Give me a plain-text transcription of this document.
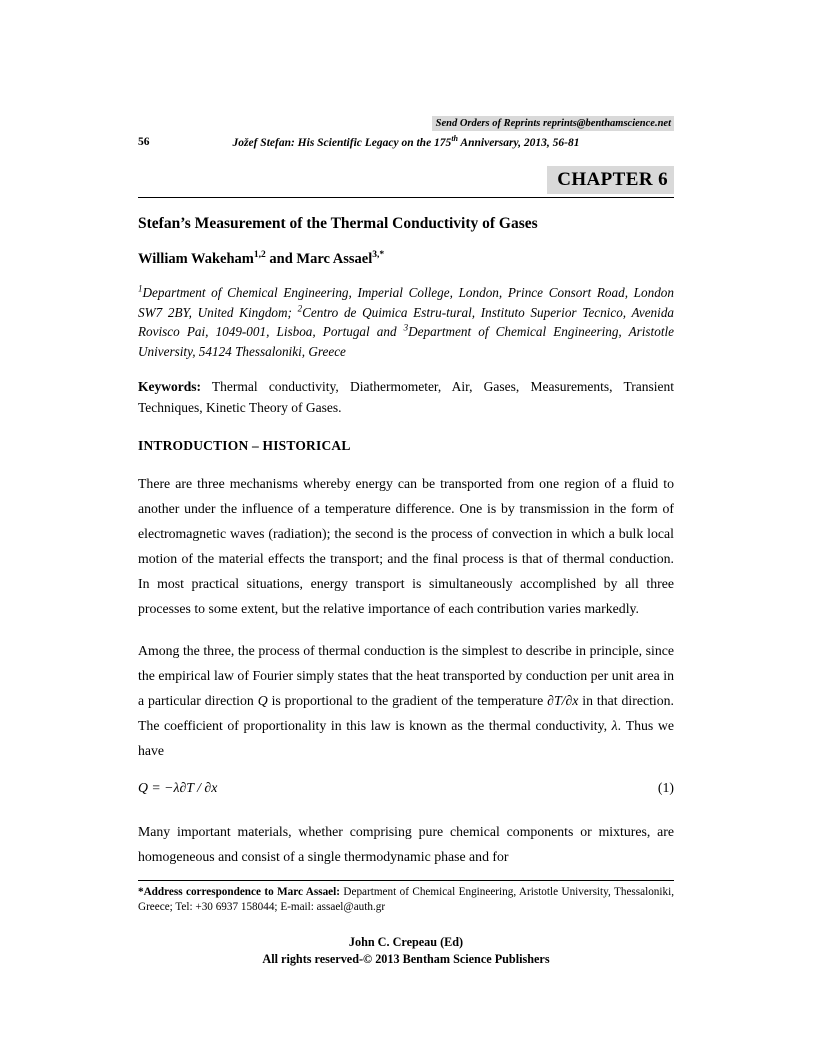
Send Orders of Reprints reprints@benthamscience.net
56	Jožef Stefan: His Scientific Legacy on the 175th Anniversary, 2013, 56-81
CHAPTER 6
Stefan’s Measurement of the Thermal Conductivity of Gases
William Wakeham$^{1,2}$ and Marc Assael$^{3,*}$
$^1$Department of Chemical Engineering, Imperial College, London, Prince Consort Road, London SW7 2BY, United Kingdom; $^2$Centro de Quimica Estru-tural, Instituto Superior Tecnico, Avenida Rovisco Pai, 1049-001, Lisboa, Portugal and $^3$Department of Chemical Engineering, Aristotle University, 54124 Thessaloniki, Greece
Keywords: Thermal conductivity, Diathermometer, Air, Gases, Measurements, Transient Techniques, Kinetic Theory of Gases.
INTRODUCTION – HISTORICAL

There are three mechanisms whereby energy can be transported from one region of a fluid to another under the influence of a temperature difference. One is by transmission in the form of electromagnetic waves (radiation); the second is the process of convection in which a bulk local motion of the material effects the transport; and the final process is that of thermal conduction. In most practical situations, energy transport is simultaneously accomplished by all three processes to some extent, but the relative importance of each contribution varies markedly.

Among the three, the process of thermal conduction is the simplest to describe in principle, since the empirical law of Fourier simply states that the heat transported by conduction per unit area in a particular direction Q is proportional to the gradient of the temperature ∂T/∂x in that direction. The coefficient of proportionality in this law is known as the thermal conductivity, λ. Thus we have

Q = −λ∂T / ∂x	(1)

Many important materials, whether comprising pure chemical components or mixtures, are homogeneous and consist of a single thermodynamic phase and for

*Address correspondence to Marc Assael: Department of Chemical Engineering, Aristotle University, Thessaloniki, Greece; Tel: +30 6937 158044; E-mail: assael@auth.gr
John C. Crepeau (Ed)
All rights reserved-© 2013 Bentham Science Publishers
